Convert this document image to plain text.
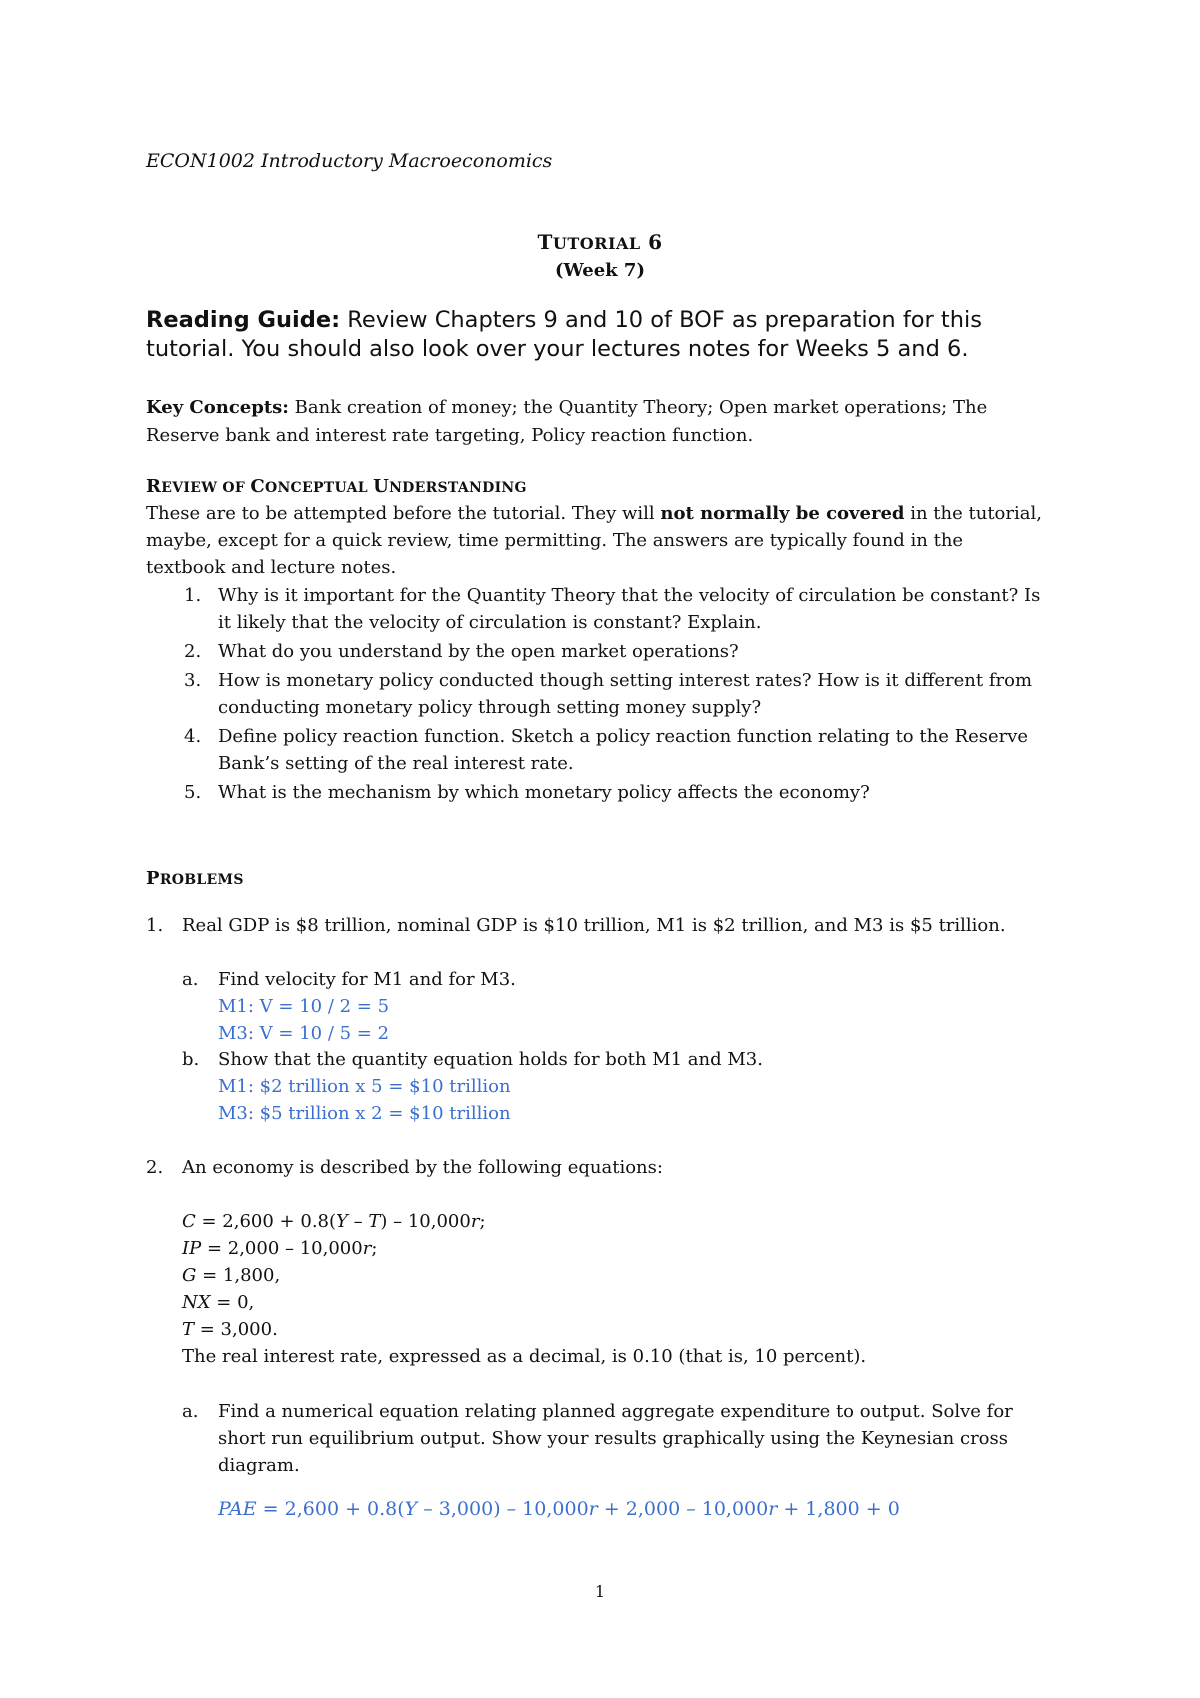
ECON1002 Introductory Macroeconomics
TUTORIAL 6
(Week 7)
Reading Guide: Review Chapters 9 and 10 of BOF as preparation for this
tutorial. You should also look over your lectures notes for Weeks 5 and 6.
Key Concepts: Bank creation of money; the Quantity Theory; Open market operations; The
Reserve bank and interest rate targeting, Policy reaction function.
REVIEW OF CONCEPTUAL UNDERSTANDING
These are to be attempted before the tutorial. They will not normally be covered in the tutorial,
maybe, except for a quick review, time permitting. The answers are typically found in the
textbook and lecture notes.
1. Why is it important for the Quantity Theory that the velocity of circulation be constant? Is
it likely that the velocity of circulation is constant? Explain.
2. What do you understand by the open market operations?
3. How is monetary policy conducted though setting interest rates? How is it different from
conducting monetary policy through setting money supply?
4. Define policy reaction function. Sketch a policy reaction function relating to the Reserve
Bank’s setting of the real interest rate.
5. What is the mechanism by which monetary policy affects the economy?
PROBLEMS
1. Real GDP is $8 trillion, nominal GDP is $10 trillion, M1 is $2 trillion, and M3 is $5 trillion.
a. Find velocity for M1 and for M3.
M1: V = 10 / 2 = 5
M3: V = 10 / 5 = 2
b. Show that the quantity equation holds for both M1 and M3.
M1: $2 trillion x 5 = $10 trillion
M3: $5 trillion x 2 = $10 trillion
2. An economy is described by the following equations:
C = 2,600 + 0.8(Y – T) – 10,000r;
IP = 2,000 – 10,000r;
G = 1,800,
NX = 0,
T = 3,000.
The real interest rate, expressed as a decimal, is 0.10 (that is, 10 percent).
a. Find a numerical equation relating planned aggregate expenditure to output. Solve for
short run equilibrium output. Show your results graphically using the Keynesian cross
diagram.
PAE = 2,600 + 0.8(Y – 3,000) – 10,000r + 2,000 – 10,000r + 1,800 + 0
1
